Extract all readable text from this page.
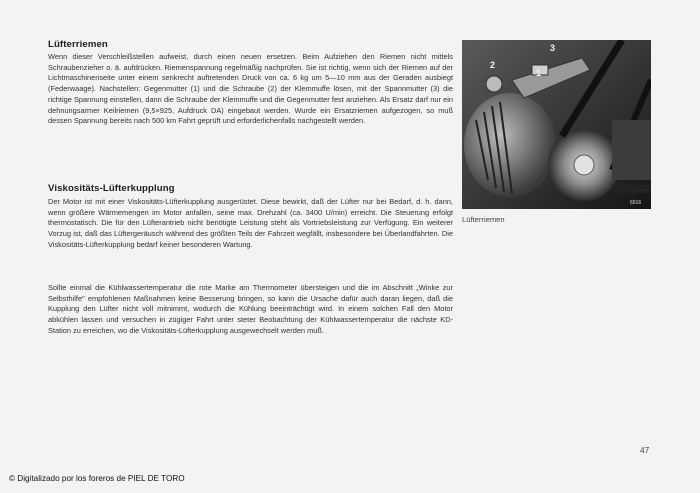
Lüfterriemen

Wenn dieser Verschleißstellen aufweist, durch einen neuen ersetzen. Beim Aufziehen den Riemen nicht mittels Schraubenzieher o. ä. aufdrücken. Riemenspannung regelmäßig nachprüfen. Sie ist richtig, wenn sich der Riemen auf der Lichtmaschinenseite unter einem senkrecht auftretenden Druck von ca. 6 kg um 5—10 mm aus der Geraden ausbiegt (Federwaage). Nachstellen: Gegenmutter (1) und die Schraube (2) der Klemmuffe lösen, mit der Spannmutter (3) die richtige Spannung einstellen, dann die Schraube der Klemmuffe und die Gegenmutter fest anziehen. Als Ersatz darf nur ein dehnungsarmer Keilriemen (9,5×925, Aufdruck DA) eingebaut werden. Wurde ein Ersatzriemen aufgezogen, so muß dessen Spannung bereits nach 500 km Fahrt geprüft und erforderlichenfalls nachgestellt werden.

Viskositäts-Lüfterkupplung

Der Motor ist mit einer Viskositäts-Lüfterkupplung ausgerüstet. Diese bewirkt, daß der Lüfter nur bei Bedarf, d. h. dann, wenn größere Wärmemengen im Motor anfallen, seine max. Drehzahl (ca. 3400 U/min) erreicht. Die Steuerung erfolgt thermostatisch. Die für den Lüfterantrieb nicht benötigte Leistung steht als Vortriebsleistung zur Verfügung. Ein weiterer Vorzug ist, daß das Lüftergeräusch während des größten Teils der Fahrzeit wegfällt, insbesondere bei Überlandfahrten. Die Viskositäts-Lüfterkupplung bedarf keiner besonderen Wartung.

Sollte einmal die Kühlwassertemperatur die rote Marke am Thermometer übersteigen und die im Abschnitt „Winke zur Selbsthilfe" empfohlenen Maßnahmen keine Besserung bringen, so kann die Ursache dafür auch daran liegen, daß die Kupplung den Lüfter nicht voll mitnimmt, wodurch die Kühlung beeinträchtigt wird. In einem solchen Fall den Motor abkühlen lassen und versuchen in zügiger Fahrt unter steter Beobachtung der Kühlwassertemperatur die nächste KD-Station zu erreichen, wo die Viskositäts-Lüfterkupplung ausgewechselt werden muß.

3
2
1
6516
Lüfterriemen
47
© Digitalizado por los foreros de PIEL DE TORO
